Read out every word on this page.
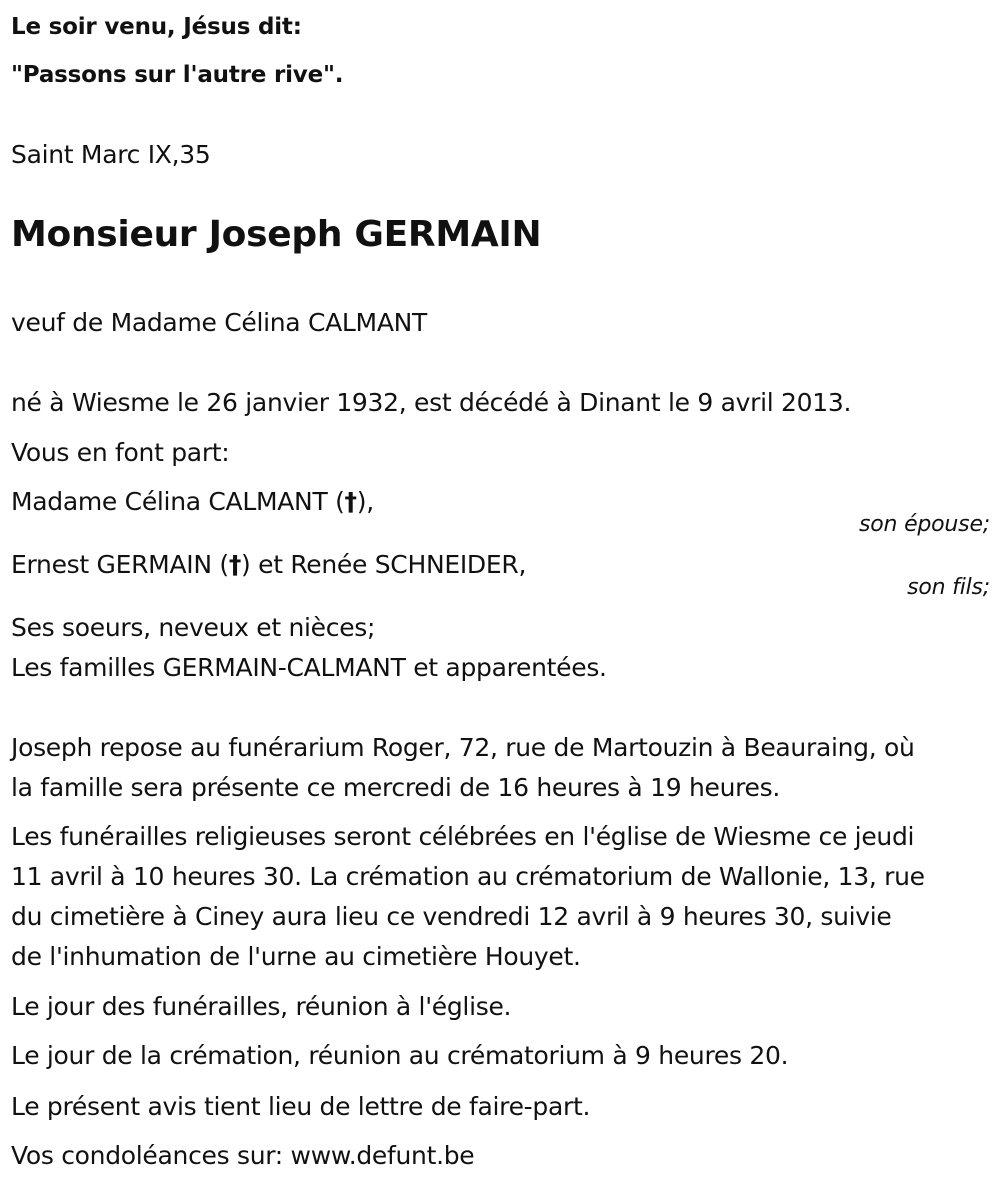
Le soir venu, Jésus dit:
"Passons sur l'autre rive".
Saint Marc IX,35
Monsieur Joseph GERMAIN
veuf de Madame Célina CALMANT
né à Wiesme le 26 janvier 1932, est décédé à Dinant le 9 avril 2013.
Vous en font part:
Madame Célina CALMANT (†),
son épouse;
Ernest GERMAIN (†) et Renée SCHNEIDER,
son fils;
Ses soeurs, neveux et nièces;
Les familles GERMAIN-CALMANT et apparentées.
Joseph repose au funérarium Roger, 72, rue de Martouzin à Beauraing, où
la famille sera présente ce mercredi de 16 heures à 19 heures.
Les funérailles religieuses seront célébrées en l'église de Wiesme ce jeudi
11 avril à 10 heures 30. La crémation au crématorium de Wallonie, 13, rue
du cimetière à Ciney aura lieu ce vendredi 12 avril à 9 heures 30, suivie
de l'inhumation de l'urne au cimetière Houyet.
Le jour des funérailles, réunion à l'église.
Le jour de la crémation, réunion au crématorium à 9 heures 20.
Le présent avis tient lieu de lettre de faire-part.
Vos condoléances sur: www.defunt.be
